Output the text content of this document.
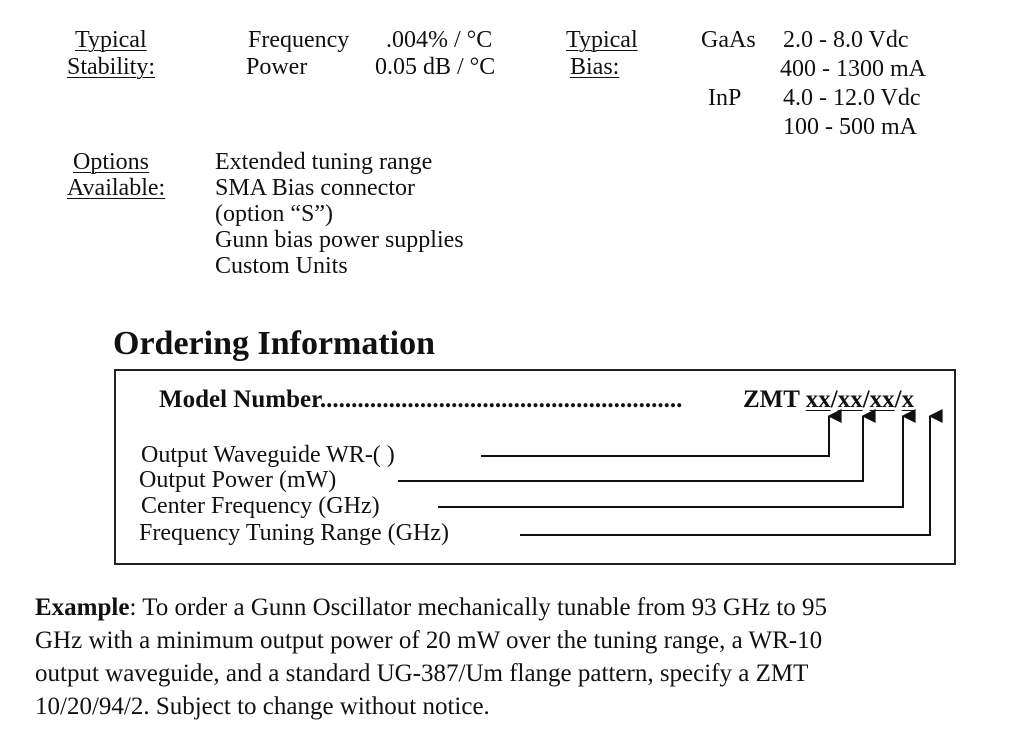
Typical
Stability:
Frequency .004% / °C
Power	0.05 dB / °C
Typical
Bias:
GaAs 2.0 - 8.0 Vdc
400 - 1300 mA
InP 4.0 - 12.0 Vdc
100 - 500 mA
Options
Available:
Extended tuning range
SMA Bias connector
(option “S”)
Gunn bias power supplies
Custom Units
Ordering Information
Model Number.......................................................... ZMT xx/xx/xx/x
Output Waveguide WR-( )
Output Power (mW)
Center Frequency (GHz)
Frequency Tuning Range (GHz)
Example: To order a Gunn Oscillator mechanically tunable from 93 GHz to 95
GHz with a minimum output power of 20 mW over the tuning range, a WR-10
output waveguide, and a standard UG-387/Um flange pattern, specify a ZMT
10/20/94/2. Subject to change without notice.
